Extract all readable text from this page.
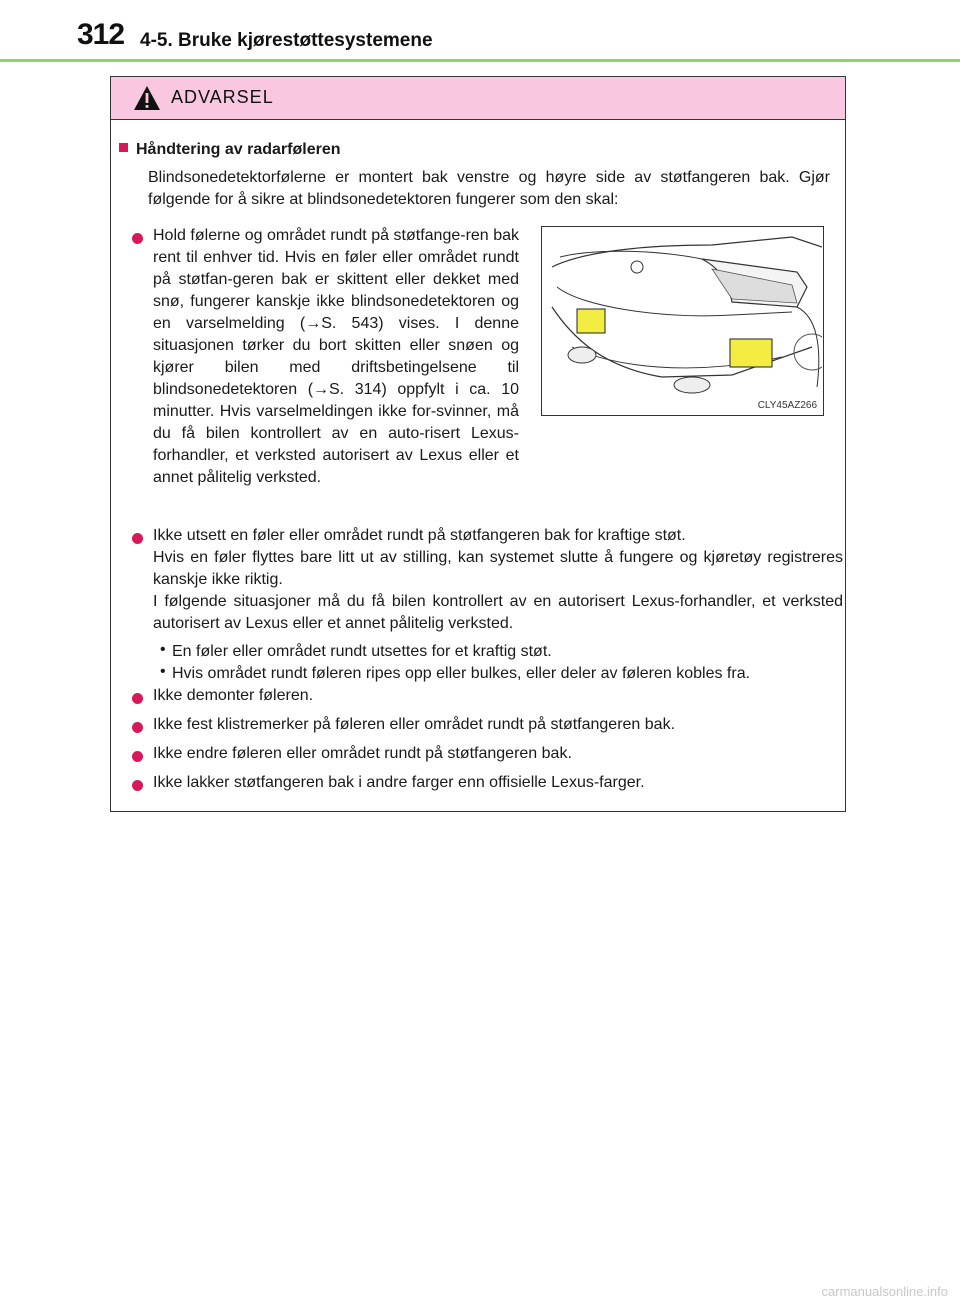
312 4-5. Bruke kjørestøttesystemene
ADVARSEL
Håndtering av radarføleren
Blindsonedetektorfølerne er montert bak venstre og høyre side av støtfangeren bak. Gjør følgende for å sikre at blindsonedetektoren fungerer som den skal:
Hold følerne og området rundt på støtfange-ren bak rent til enhver tid. Hvis en føler eller området rundt på støtfan-geren bak er skittent eller dekket med snø, fungerer kanskje ikke blindsonedetektoren og en varselmelding (→S. 543) vises. I denne situasjonen tørker du bort skitten eller snøen og kjører bilen med driftsbetingelsene til blindsonedetektoren (→S. 314) oppfylt i ca. 10 minutter. Hvis varselmeldingen ikke for-svinner, må du få bilen kontrollert av en auto-risert Lexus-forhandler, et verksted autorisert av Lexus eller et annet pålitelig verksted.
CLY45AZ266
Ikke utsett en føler eller området rundt på støtfangeren bak for kraftige støt.
Hvis en føler flyttes bare litt ut av stilling, kan systemet slutte å fungere og kjøretøy registreres kanskje ikke riktig.
I følgende situasjoner må du få bilen kontrollert av en autorisert Lexus-forhandler, et verksted autorisert av Lexus eller et annet pålitelig verksted.
• En føler eller området rundt utsettes for et kraftig støt.
• Hvis området rundt føleren ripes opp eller bulkes, eller deler av føleren kobles fra.
Ikke demonter føleren.
Ikke fest klistremerker på føleren eller området rundt på støtfangeren bak.
Ikke endre føleren eller området rundt på støtfangeren bak.
Ikke lakker støtfangeren bak i andre farger enn offisielle Lexus-farger.
carmanualsonline.info
